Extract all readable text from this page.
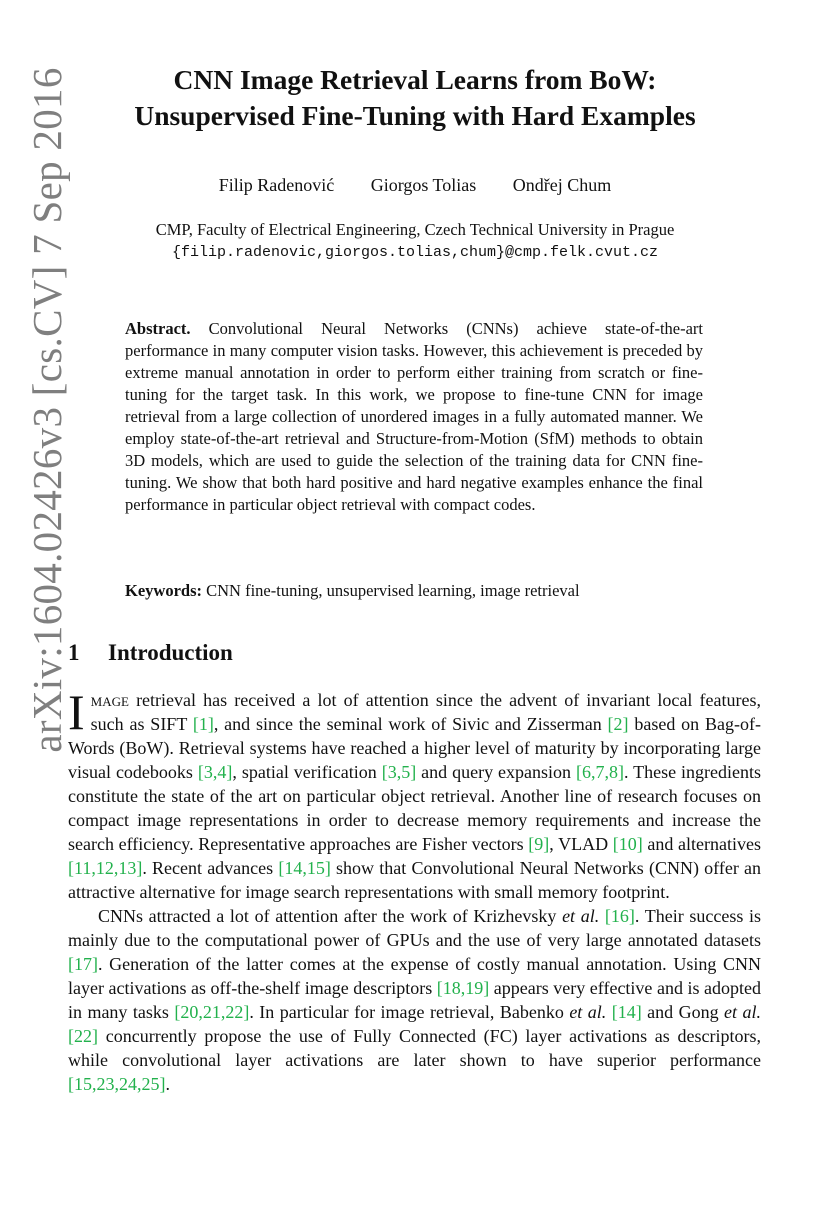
arXiv:1604.02426v3 [cs.CV] 7 Sep 2016	CNN Image Retrieval Learns from BoW:
Unsupervised Fine-Tuning with Hard Examples
Filip Radenović Giorgos Tolias Ondřej Chum
CMP, Faculty of Electrical Engineering, Czech Technical University in Prague
{filip.radenovic,giorgos.tolias,chum}@cmp.felk.cvut.cz
Abstract. Convolutional Neural Networks (CNNs) achieve state-of-the-art performance in many computer vision tasks. However, this achievement is preceded by extreme manual annotation in order to perform either training from scratch or fine-tuning for the target task. In this work, we propose to fine-tune CNN for image retrieval from a large collection of unordered images in a fully automated manner. We employ state-of-the-art retrieval and Structure-from-Motion (SfM) methods to obtain 3D models, which are used to guide the selection of the training data for CNN fine-tuning. We show that both hard positive and hard negative examples enhance the final performance in particular object retrieval with compact codes.
Keywords: CNN fine-tuning, unsupervised learning, image retrieval
1 Introduction

Image retrieval has received a lot of attention since the advent of invariant local features, such as SIFT [1], and since the seminal work of Sivic and Zisserman [2] based on Bag-of-Words (BoW). Retrieval systems have reached a higher level of maturity by incorporating large visual codebooks [3,4], spatial verification [3,5] and query expansion [6,7,8]. These ingredients constitute the state of the art on particular object retrieval. Another line of research focuses on compact image representations in order to decrease memory requirements and increase the search efficiency. Representative approaches are Fisher vectors [9], VLAD [10] and alternatives [11,12,13]. Recent advances [14,15] show that Convolutional Neural Networks (CNN) offer an attractive alternative for image search representations with small memory footprint.

CNNs attracted a lot of attention after the work of Krizhevsky et al. [16]. Their success is mainly due to the computational power of GPUs and the use of very large annotated datasets [17]. Generation of the latter comes at the expense of costly manual annotation. Using CNN layer activations as off-the-shelf image descriptors [18,19] appears very effective and is adopted in many tasks [20,21,22]. In particular for image retrieval, Babenko et al. [14] and Gong et al. [22] concurrently propose the use of Fully Connected (FC) layer activations as descriptors, while convolutional layer activations are later shown to have superior performance [15,23,24,25].
